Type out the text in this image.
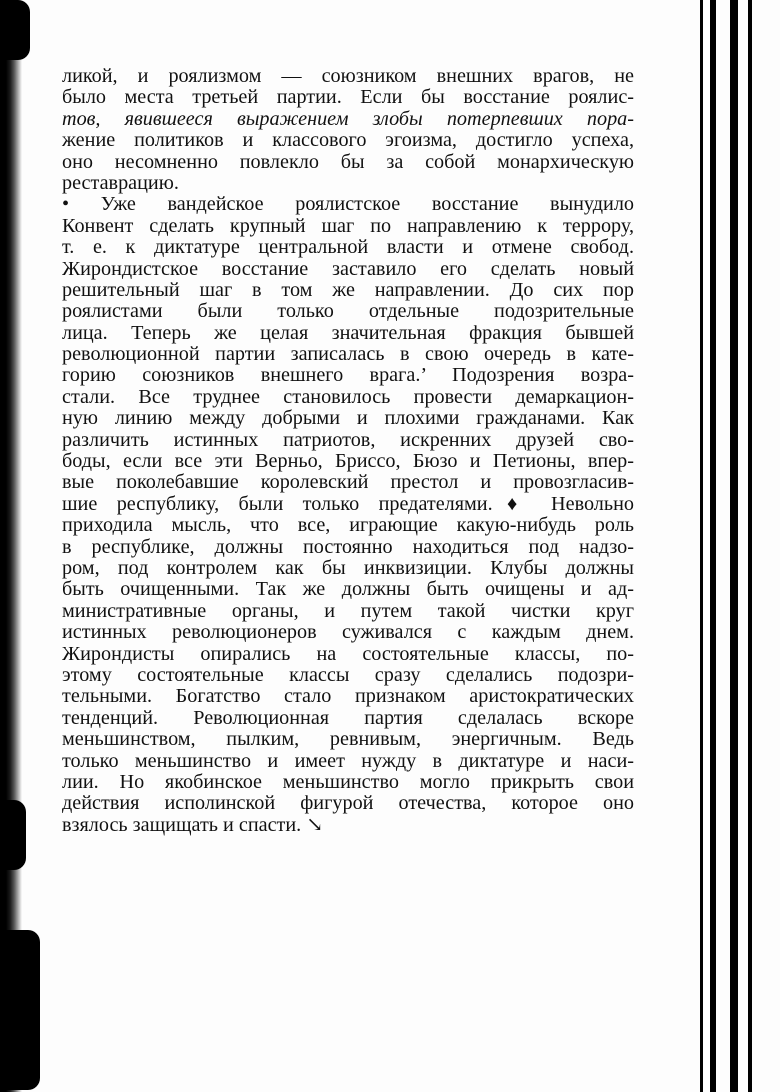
ликой, и роялизмом — союзником внешних врагов, не
было места третьей партии. Если бы восстание роялис-
тов, явившееся выражением злобы потерпевших пора-
жение политиков и классового эгоизма, достигло успеха,
оно несомненно повлекло бы за собой монархическую
реставрацию.
• Уже вандейское роялистское восстание вынудило
Конвент сделать крупный шаг по направлению к террору,
т. е. к диктатуре центральной власти и отмене свобод.
Жирондистское восстание заставило его сделать новый
решительный шаг в том же направлении. До сих пор
роялистами были только отдельные подозрительные
лица. Теперь же целая значительная фракция бывшей
революционной партии записалась в свою очередь в кате-
горию союзников внешнего врага.’ Подозрения возра-
стали. Все труднее становилось провести демаркацион-
ную линию между добрыми и плохими гражданами. Как
различить истинных патриотов, искренних друзей сво-
боды, если все эти Верньо, Бриссо, Бюзо и Петионы, впер-
вые поколебавшие королевский престол и провозгласив-
шие республику, были только предателями.♦ Невольно
приходила мысль, что все, играющие какую-нибудь роль
в республике, должны постоянно находиться под надзо-
ром, под контролем как бы инквизиции. Клубы должны
быть очищенными. Так же должны быть очищены и ад-
министративные органы, и путем такой чистки круг
истинных революционеров суживался с каждым днем.
Жирондисты опирались на состоятельные классы, по-
этому состоятельные классы сразу сделались подозри-
тельными. Богатство стало признаком аристократических
тенденций. Революционная партия сделалась вскоре
меньшинством, пылким, ревнивым, энергичным. Ведь
только меньшинство и имеет нужду в диктатуре и наси-
лии. Но якобинское меньшинство могло прикрыть свои
действия исполинской фигурой отечества, которое оно
взялось защищать и спасти. ↘
